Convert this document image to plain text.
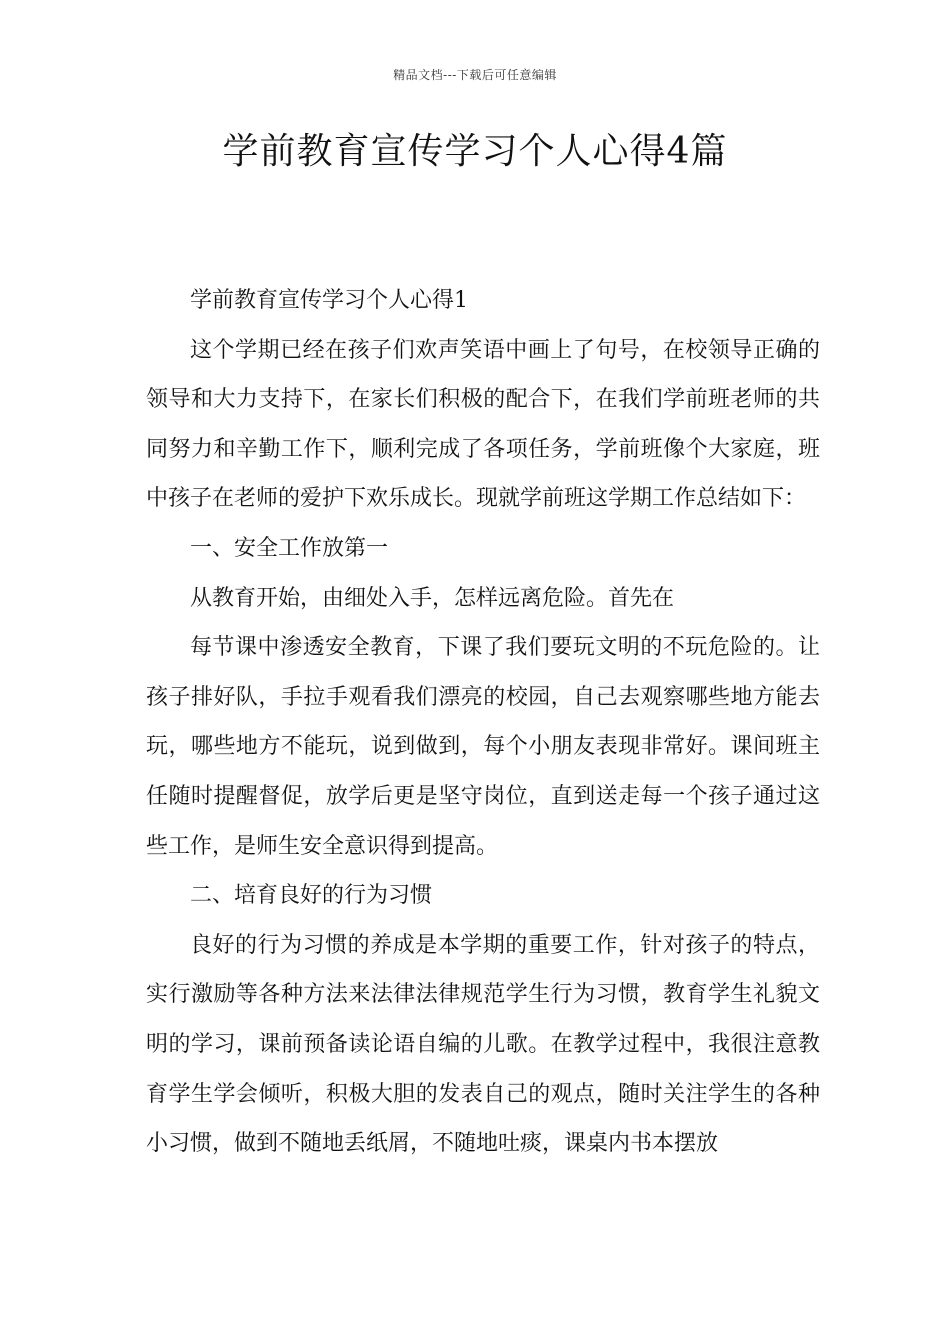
精品文档---下载后可任意编辑
学前教育宣传学习个人心得4篇

学前教育宣传学习个人心得1

这个学期已经在孩子们欢声笑语中画上了句号，在校领导正确的领导和大力支持下，在家长们积极的配合下，在我们学前班老师的共同努力和辛勤工作下，顺利完成了各项任务，学前班像个大家庭，班中孩子在老师的爱护下欢乐成长。现就学前班这学期工作总结如下：

一、安全工作放第一

从教育开始，由细处入手，怎样远离危险。首先在

每节课中渗透安全教育，下课了我们要玩文明的不玩危险的。让孩子排好队，手拉手观看我们漂亮的校园，自己去观察哪些地方能去玩，哪些地方不能玩，说到做到，每个小朋友表现非常好。课间班主任随时提醒督促，放学后更是坚守岗位，直到送走每一个孩子通过这些工作，是师生安全意识得到提高。

二、培育良好的行为习惯

良好的行为习惯的养成是本学期的重要工作，针对孩子的特点，实行激励等各种方法来法律法律规范学生行为习惯，教育学生礼貌文明的学习，课前预备读论语自编的儿歌。在教学过程中，我很注意教育学生学会倾听，积极大胆的发表自己的观点，随时关注学生的各种小习惯，做到不随地丢纸屑，不随地吐痰，课桌内书本摆放
